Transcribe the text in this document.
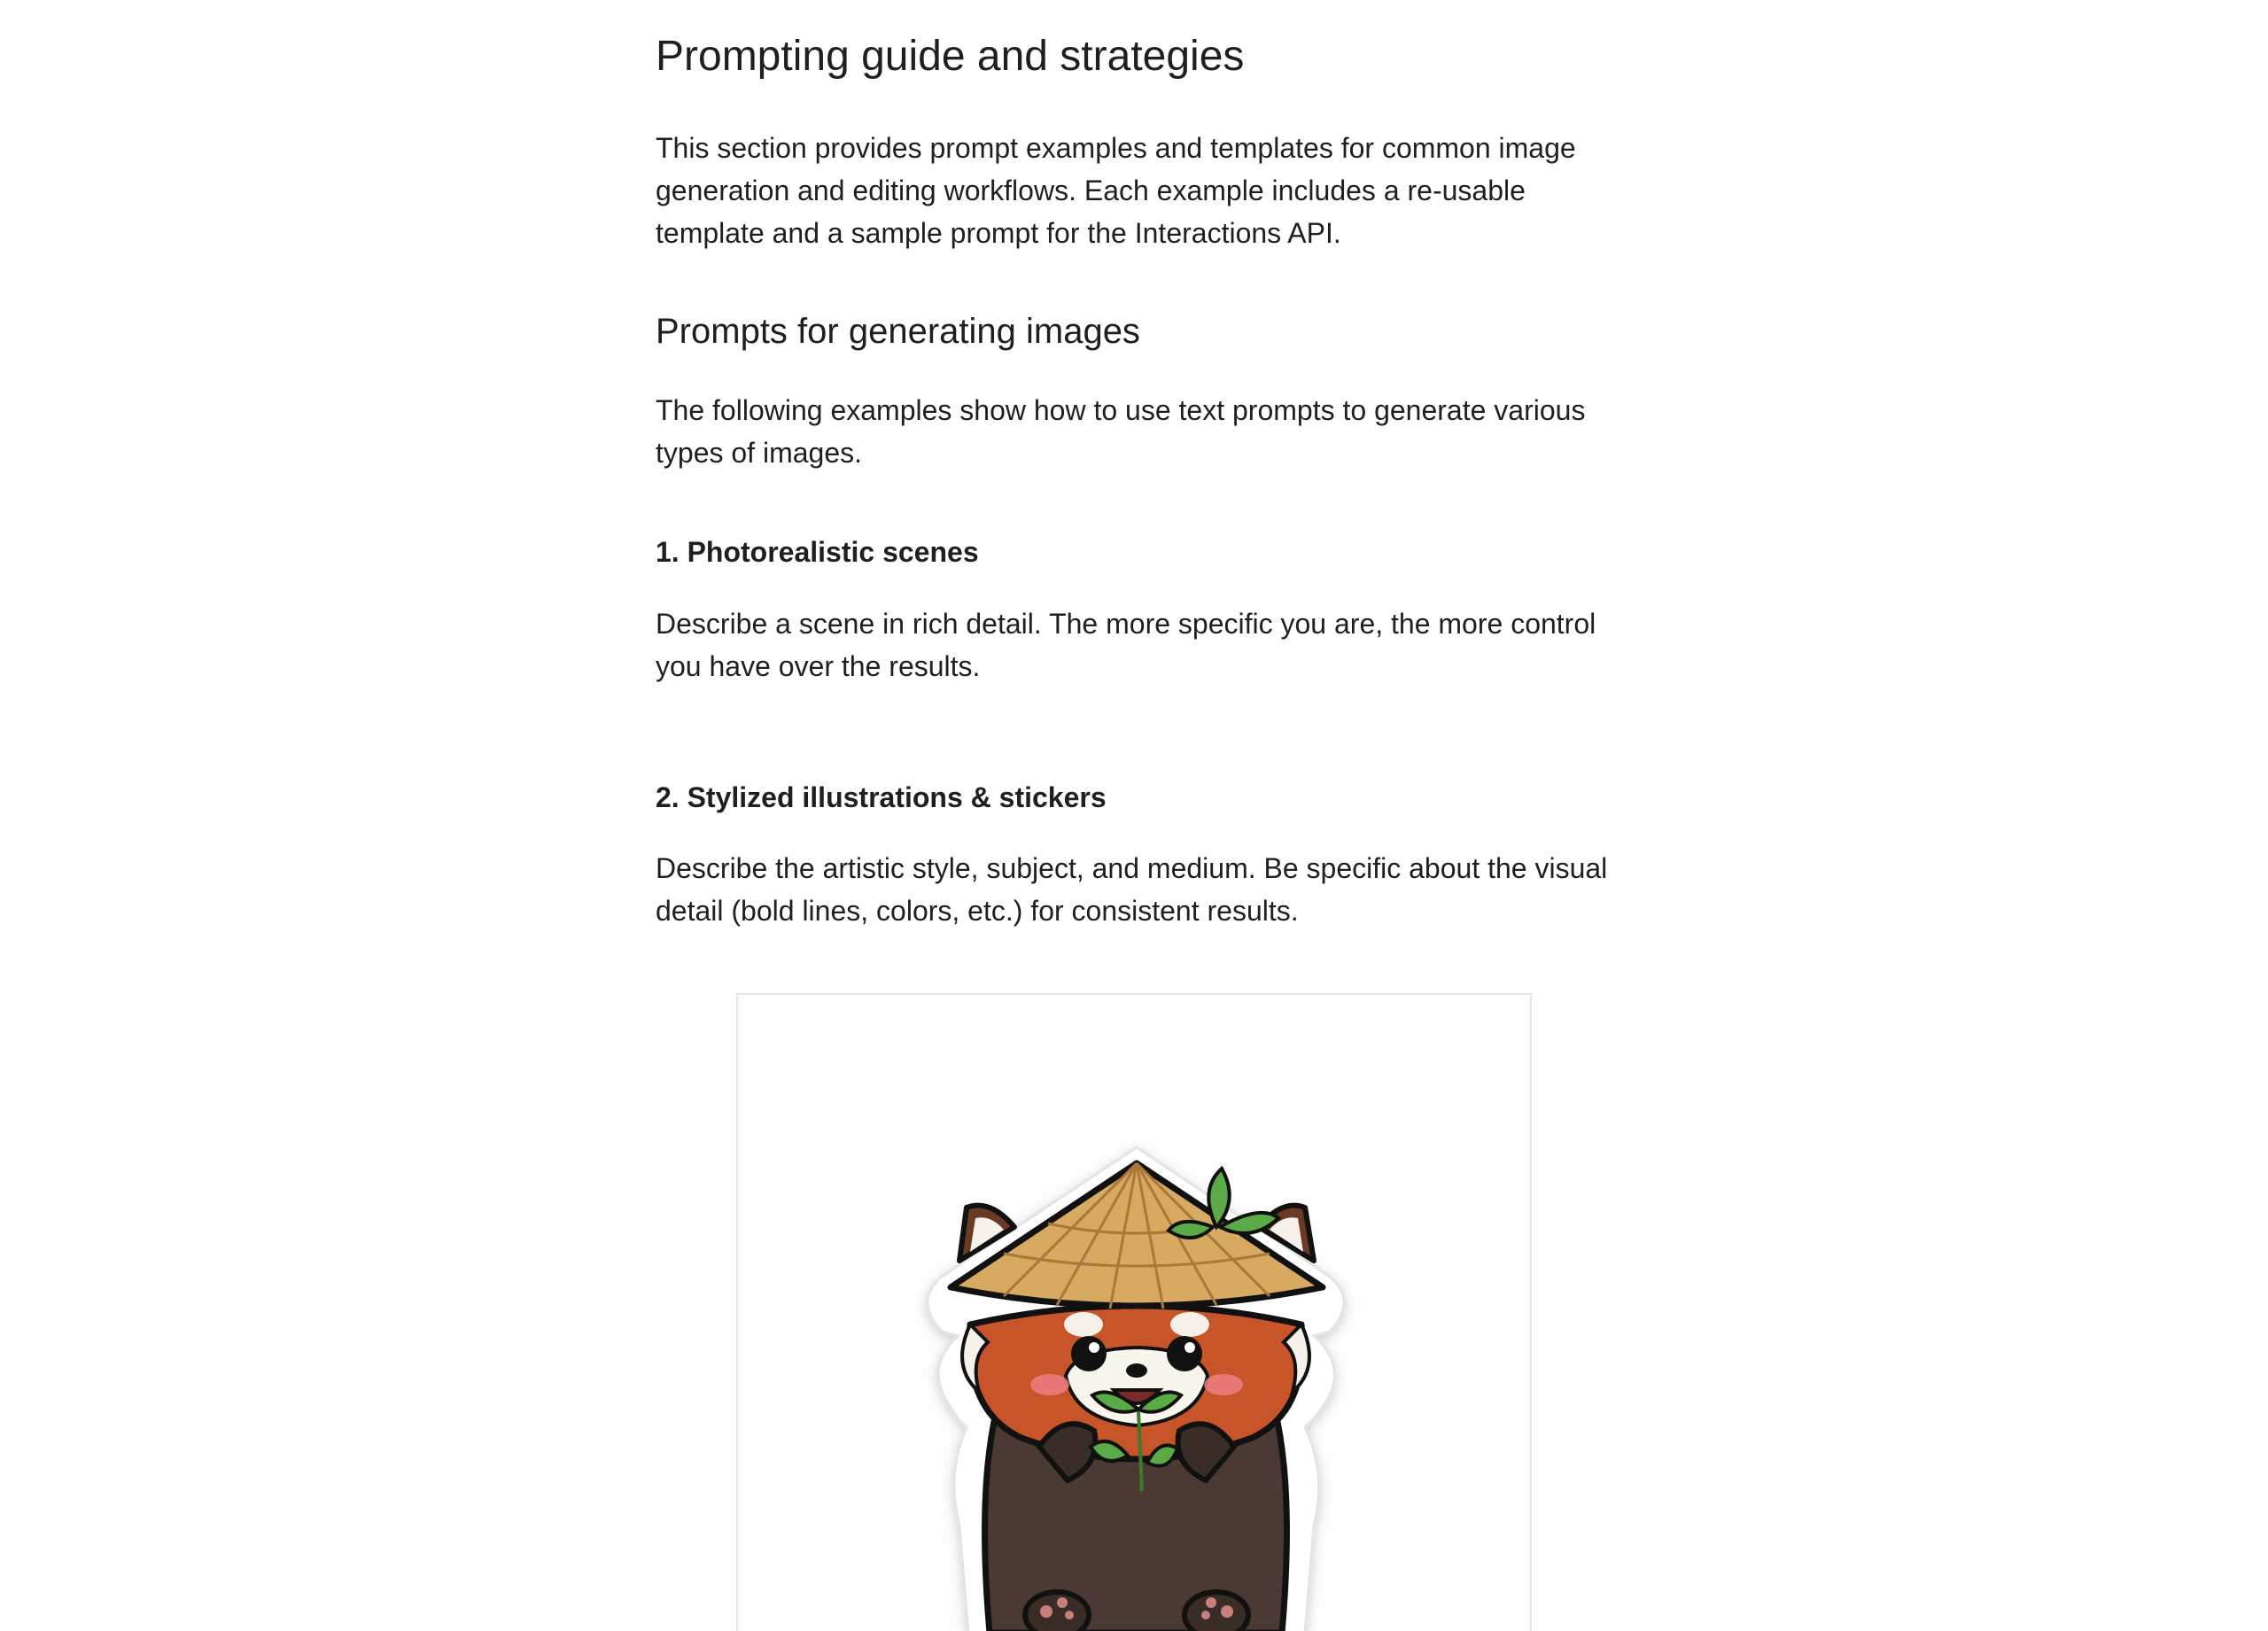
Prompting guide and strategies

This section provides prompt examples and templates for common image generation and editing workflows. Each example includes a re-usable template and a sample prompt for the Interactions API.

Prompts for generating images

The following examples show how to use text prompts to generate various types of images.

1. Photorealistic scenes

Describe a scene in rich detail. The more specific you are, the more control you have over the results.

2. Stylized illustrations & stickers

Describe the artistic style, subject, and medium. Be specific about the visual detail (bold lines, colors, etc.) for consistent results.
